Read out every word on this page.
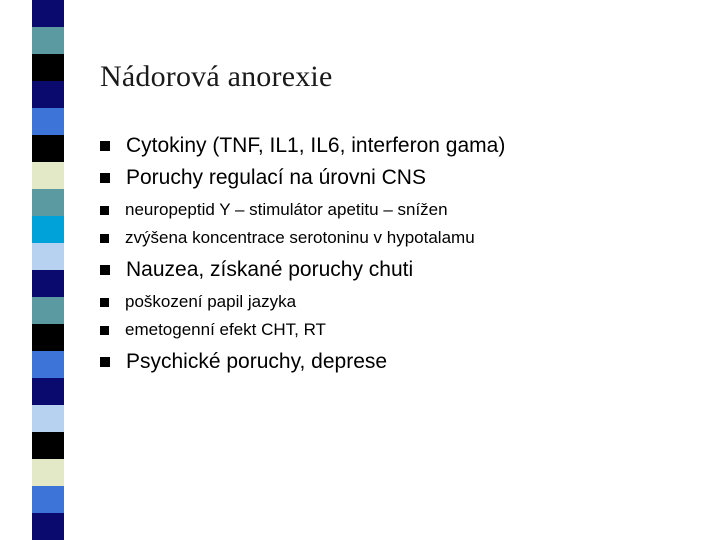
Nádorová anorexie
Cytokiny (TNF, IL1, IL6, interferon gama)
Poruchy regulací na úrovni CNS
neuropeptid Y – stimulátor apetitu – snížen
zvýšena koncentrace serotoninu v hypotalamu
Nauzea, získané poruchy chuti
poškození papil jazyka
emetogenní efekt CHT, RT
Psychické poruchy, deprese
